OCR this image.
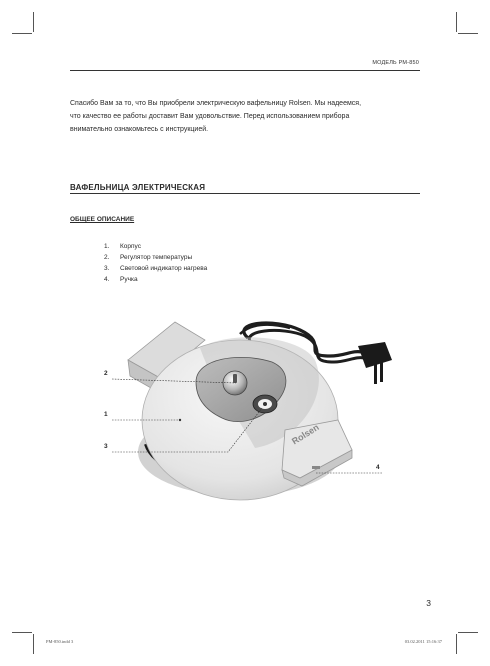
МОДЕЛЬ РМ-850

Спасибо Вам за то, что Вы приобрели электрическую вафельницу Rolsen. Мы надеемся,

что качество ее работы доставит Вам удовольствие. Перед использованием прибора

внимательно ознакомьтесь с инструкцией.

ВАФЕЛЬНИЦА ЭЛЕКТРИЧЕСКАЯ
ОБЩЕЕ ОПИСАНИЕ
1. Корпус
2. Регулятор температуры
3. Световой индикатор нагрева
4. Ручка
Rolsen
2
1
3
4
3
PM-850.indd 3	03.02.2011 15:16:37
